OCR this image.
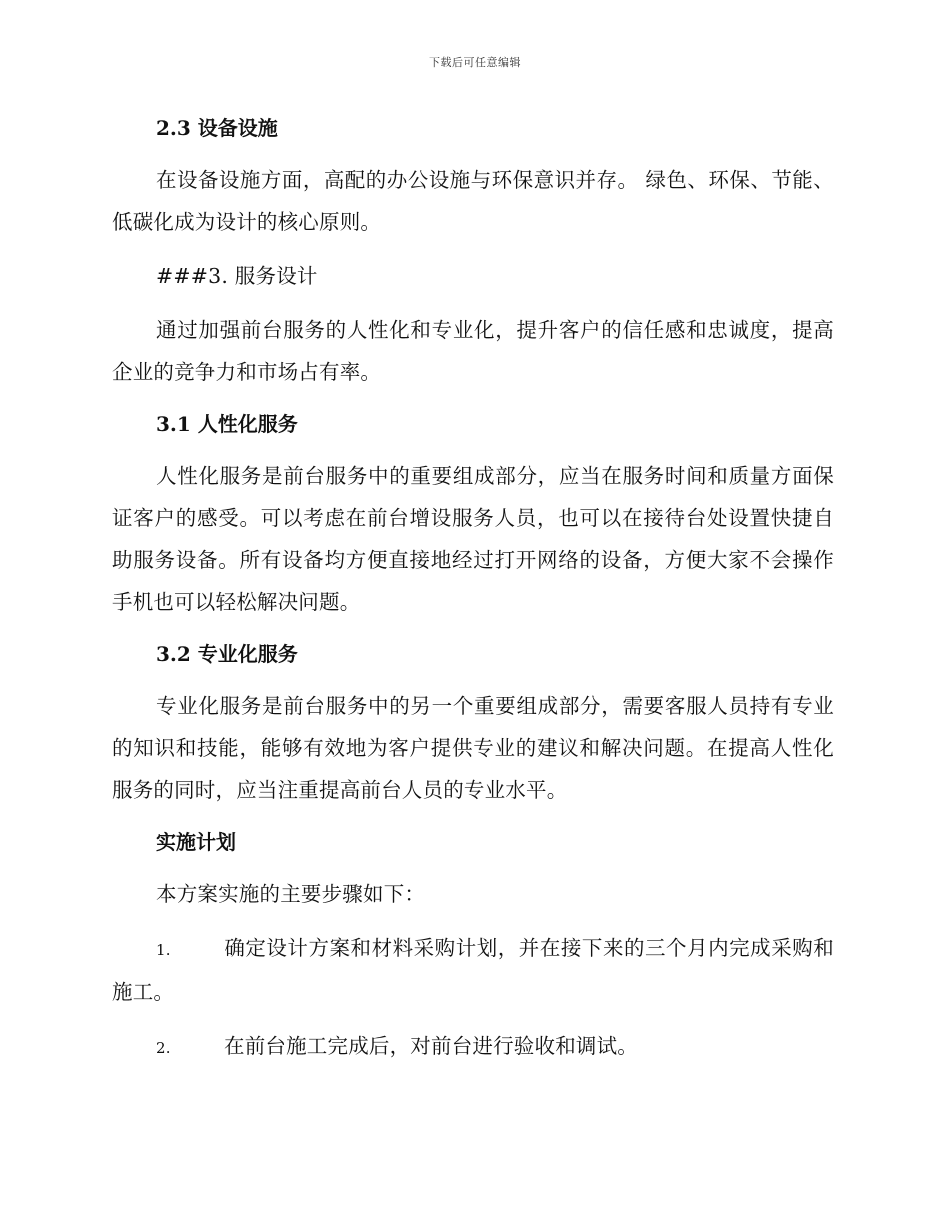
下载后可任意编辑
2.3 设备设施

在设备设施方面，高配的办公设施与环保意识并存。 绿色、环保、节能、低碳化成为设计的核心原则。

###3. 服务设计

通过加强前台服务的人性化和专业化，提升客户的信任感和忠诚度，提高企业的竞争力和市场占有率。

3.1 人性化服务

人性化服务是前台服务中的重要组成部分，应当在服务时间和质量方面保证客户的感受。可以考虑在前台增设服务人员，也可以在接待台处设置快捷自助服务设备。所有设备均方便直接地经过打开网络的设备，方便大家不会操作手机也可以轻松解决问题。

3.2 专业化服务

专业化服务是前台服务中的另一个重要组成部分，需要客服人员持有专业的知识和技能，能够有效地为客户提供专业的建议和解决问题。在提高人性化服务的同时，应当注重提高前台人员的专业水平。

实施计划

本方案实施的主要步骤如下：

1.	确定设计方案和材料采购计划，并在接下来的三个月内完成采购和施工。

2.	在前台施工完成后，对前台进行验收和调试。
